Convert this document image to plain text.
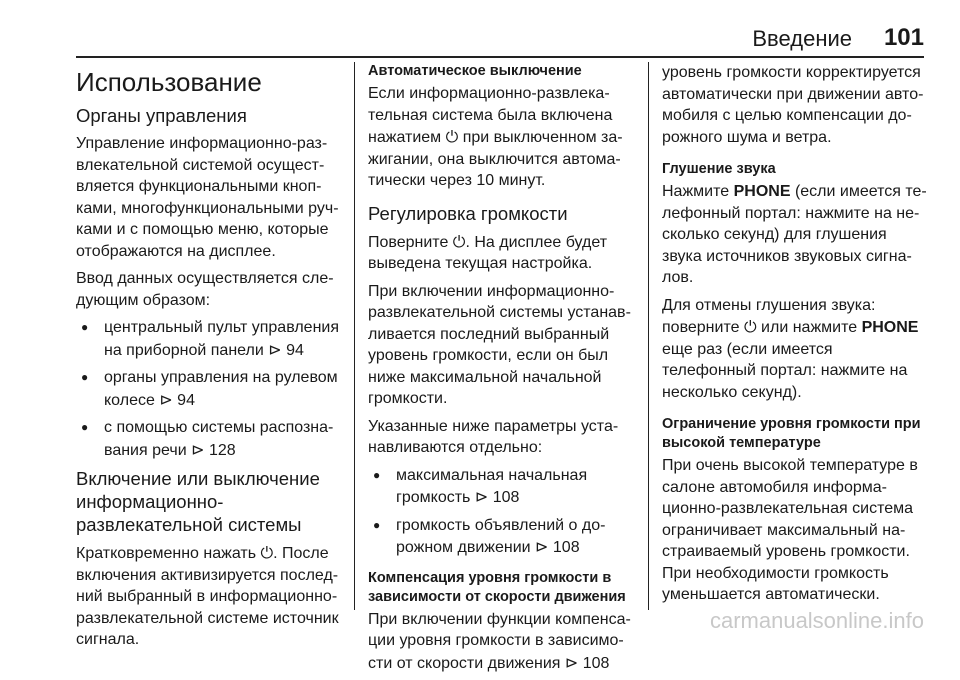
Введение 101
Использование
Органы управления

Управление информационно-развлекательной системой осуществляется функциональными кнопками, многофункциональными ручками и с помощью меню, которые отображаются на дисплее.

Ввод данных осуществляется следующим образом:

● центральный пульт управления на приборной панели ⊳ 94
● органы управления на рулевом колесе ⊳ 94
● с помощью системы распознавания речи ⊳ 128
Включение или выключение информационно-развлекательной системы

Кратковременно нажать ⏻. После включения активизируется последний выбранный в информационно-развлекательной системе источник сигнала.

Автоматическое выключение

Если информационно-развлекательная система была включена нажатием ⏻ при выключенном зажигании, она выключится автоматически через 10 минут.

Регулировка громкости

Поверните ⏻. На дисплее будет выведена текущая настройка.

При включении информационно-развлекательной системы устанавливается последний выбранный уровень громкости, если он был ниже максимальной начальной громкости.

Указанные ниже параметры устанавливаются отдельно:

● максимальная начальная громкость ⊳ 108
● громкость объявлений о дорожном движении ⊳ 108
Компенсация уровня громкости в зависимости от скорости движения

При включении функции компенсации уровня громкости в зависимости от скорости движения ⊳ 108

уровень громкости корректируется автоматически при движении автомобиля с целью компенсации дорожного шума и ветра.

Глушение звука

Нажмите PHONE (если имеется телефонный портал: нажмите на несколько секунд) для глушения звука источников звуковых сигналов.

Для отмены глушения звука: поверните ⏻ или нажмите PHONE еще раз (если имеется телефонный портал: нажмите на несколько секунд).

Ограничение уровня громкости при высокой температуре

При очень высокой температуре в салоне автомобиля информационно-развлекательная система ограничивает максимальный настраиваемый уровень громкости. При необходимости громкость уменьшается автоматически.

carmanualsonline.info
